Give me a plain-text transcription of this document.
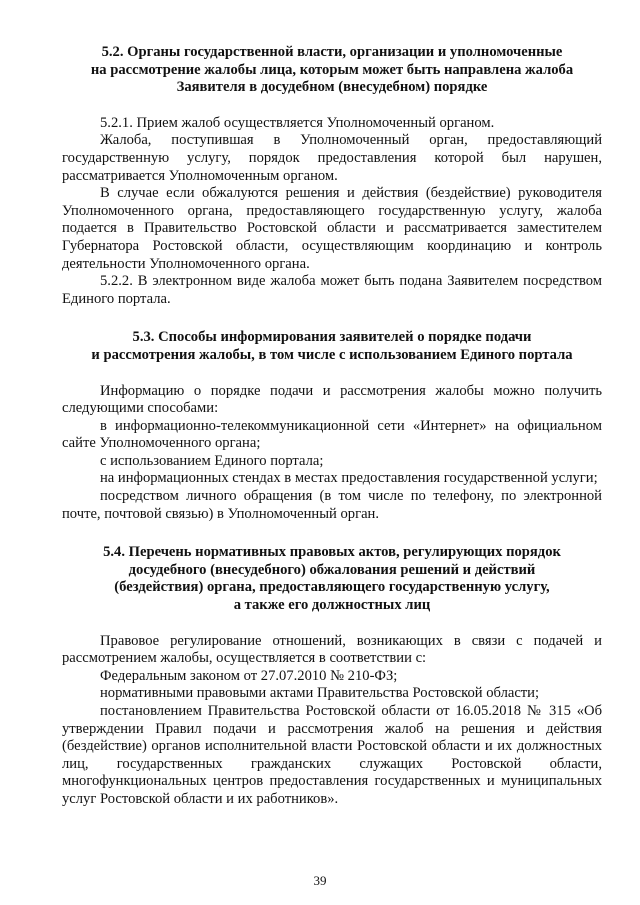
5.2. Органы государственной власти, организации и уполномоченные
на рассмотрение жалобы лица, которым может быть направлена жалоба
Заявителя в досудебном (внесудебном) порядке

5.2.1. Прием жалоб осуществляется Уполномоченный органом.

Жалоба, поступившая в Уполномоченный орган, предоставляющий государственную услугу, порядок предоставления которой был нарушен, рассматривается Уполномоченным органом.

В случае если обжалуются решения и действия (бездействие) руководителя Уполномоченного органа, предоставляющего государственную услугу, жалоба подается в Правительство Ростовской области и рассматривается заместителем Губернатора Ростовской области, осуществляющим координацию и контроль деятельности Уполномоченного органа.

5.2.2. В электронном виде жалоба может быть подана Заявителем посредством Единого портала.

5.3. Способы информирования заявителей о порядке подачи
и рассмотрения жалобы, в том числе с использованием Единого портала

Информацию о порядке подачи и рассмотрения жалобы можно получить следующими способами:

в информационно-телекоммуникационной сети «Интернет» на официальном сайте Уполномоченного органа;

с использованием Единого портала;

на информационных стендах в местах предоставления государственной услуги;

посредством личного обращения (в том числе по телефону, по электронной почте, почтовой связью) в Уполномоченный орган.

5.4. Перечень нормативных правовых актов, регулирующих порядок
досудебного (внесудебного) обжалования решений и действий
(бездействия) органа, предоставляющего государственную услугу,
а также его должностных лиц

Правовое регулирование отношений, возникающих в связи с подачей и рассмотрением жалобы, осуществляется в соответствии с:

Федеральным законом от 27.07.2010 № 210-ФЗ;

нормативными правовыми актами Правительства Ростовской области;

постановлением Правительства Ростовской области от 16.05.2018 № 315 «Об утверждении Правил подачи и рассмотрения жалоб на решения и действия (бездействие) органов исполнительной власти Ростовской области и их должностных лиц, государственных гражданских служащих Ростовской области, многофункциональных центров предоставления государственных и муниципальных услуг Ростовской области и их работников».

39
